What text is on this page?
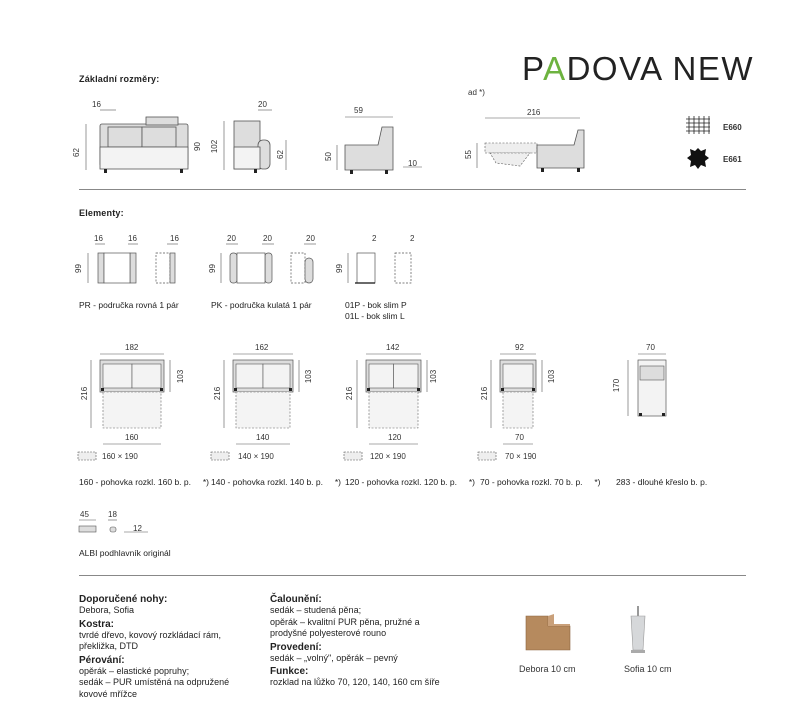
PADOVA NEW
Základní rozměry:
16
62
20
90 102
62
59
50
10
ad *)
216
55
E660
E661
Elementy:
16	16	16
99
PR - područka rovná 1 pár
20	20	20
99
PK - područka kulatá 1 pár
2	2
99
01P - bok slim P
01L - bok slim L
182
216
103
160
160 × 190
160 - pohovka rozkl. 160 b. p. *)
162
216
103
140
140 × 190
140 - pohovka rozkl. 140 b. p. *)
142
216
103
120
120 × 190
120 - pohovka rozkl. 120 b. p. *)
92
216
103
70
70 × 190
70 - pohovka rozkl. 70 b. p. *)
70
170
283 - dlouhé křeslo b. p.
45 18
12
ALBI podhlavník originál
Doporučené nohy:
Debora, Sofia
Kostra:
tvrdé dřevo, kovový rozkládací rám,
překližka, DTD
Pérování:
opěrák – elastické popruhy;
sedák – PUR umístěná na odpružené
kovové mřížce
Čalounění:
sedák – studená pěna;
opěrák – kvalitní PUR pěna, pružné a
prodyšné polyesterové rouno
Provedení:
sedák – „volný", opěrák – pevný
Funkce:
rozklad na lůžko 70, 120, 140, 160 cm šíře
Debora 10 cm	Sofia 10 cm
